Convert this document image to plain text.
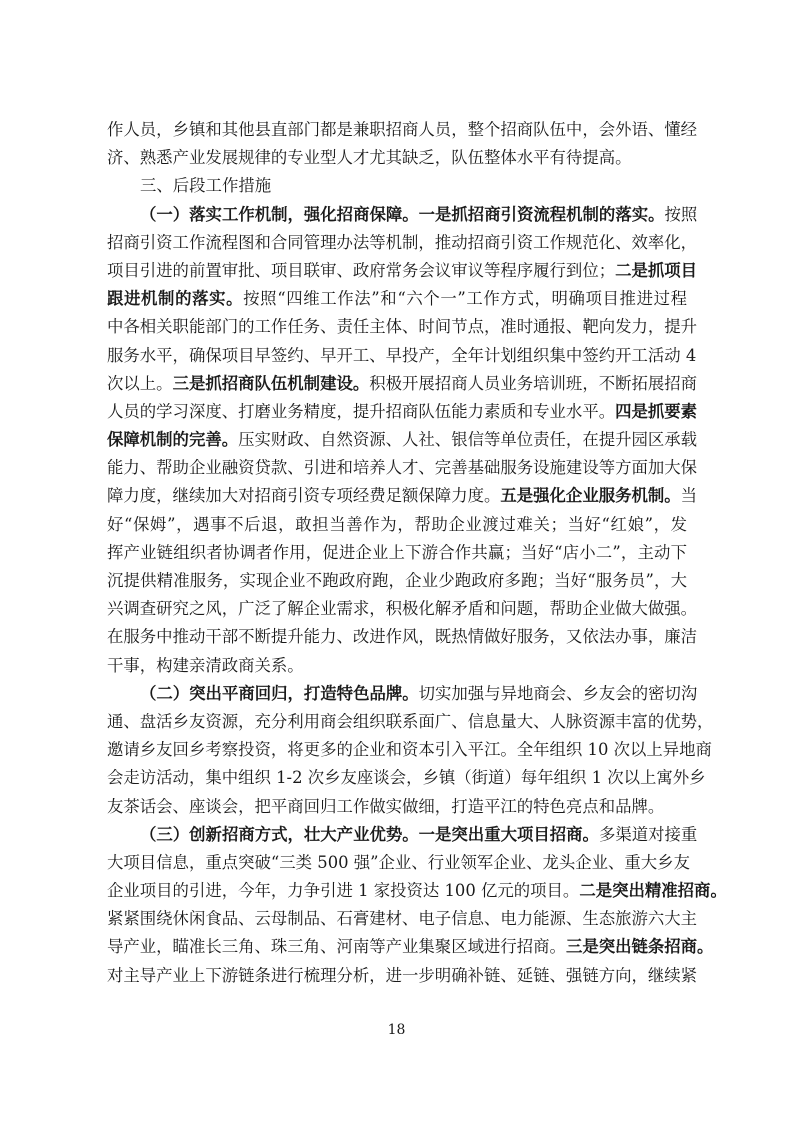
作人员，乡镇和其他县直部门都是兼职招商人员，整个招商队伍中，会外语、懂经
济、熟悉产业发展规律的专业型人才尤其缺乏，队伍整体水平有待提高。
三、后段工作措施
（一）落实工作机制，强化招商保障。一是抓招商引资流程机制的落实。按照
招商引资工作流程图和合同管理办法等机制，推动招商引资工作规范化、效率化，
项目引进的前置审批、项目联审、政府常务会议审议等程序履行到位；二是抓项目
跟进机制的落实。按照“四维工作法”和“六个一”工作方式，明确项目推进过程
中各相关职能部门的工作任务、责任主体、时间节点，准时通报、靶向发力，提升
服务水平，确保项目早签约、早开工、早投产，全年计划组织集中签约开工活动 4
次以上。三是抓招商队伍机制建设。积极开展招商人员业务培训班，不断拓展招商
人员的学习深度、打磨业务精度，提升招商队伍能力素质和专业水平。四是抓要素
保障机制的完善。压实财政、自然资源、人社、银信等单位责任，在提升园区承载
能力、帮助企业融资贷款、引进和培养人才、完善基础服务设施建设等方面加大保
障力度，继续加大对招商引资专项经费足额保障力度。五是强化企业服务机制。当
好“保姆”，遇事不后退，敢担当善作为，帮助企业渡过难关；当好“红娘”，发
挥产业链组织者协调者作用，促进企业上下游合作共赢；当好“店小二”，主动下
沉提供精准服务，实现企业不跑政府跑，企业少跑政府多跑；当好“服务员”，大
兴调查研究之风，广泛了解企业需求，积极化解矛盾和问题，帮助企业做大做强。
在服务中推动干部不断提升能力、改进作风，既热情做好服务，又依法办事，廉洁
干事，构建亲清政商关系。
（二）突出平商回归，打造特色品牌。切实加强与异地商会、乡友会的密切沟
通、盘活乡友资源，充分利用商会组织联系面广、信息量大、人脉资源丰富的优势，
邀请乡友回乡考察投资，将更多的企业和资本引入平江。全年组织 10 次以上异地商
会走访活动，集中组织 1-2 次乡友座谈会，乡镇（街道）每年组织 1 次以上寓外乡
友茶话会、座谈会，把平商回归工作做实做细，打造平江的特色亮点和品牌。
（三）创新招商方式，壮大产业优势。一是突出重大项目招商。多渠道对接重
大项目信息，重点突破“三类 500 强”企业、行业领军企业、龙头企业、重大乡友
企业项目的引进，今年，力争引进 1 家投资达 100 亿元的项目。二是突出精准招商。
紧紧围绕休闲食品、云母制品、石膏建材、电子信息、电力能源、生态旅游六大主
导产业，瞄准长三角、珠三角、河南等产业集聚区域进行招商。三是突出链条招商。
对主导产业上下游链条进行梳理分析，进一步明确补链、延链、强链方向，继续紧
18
